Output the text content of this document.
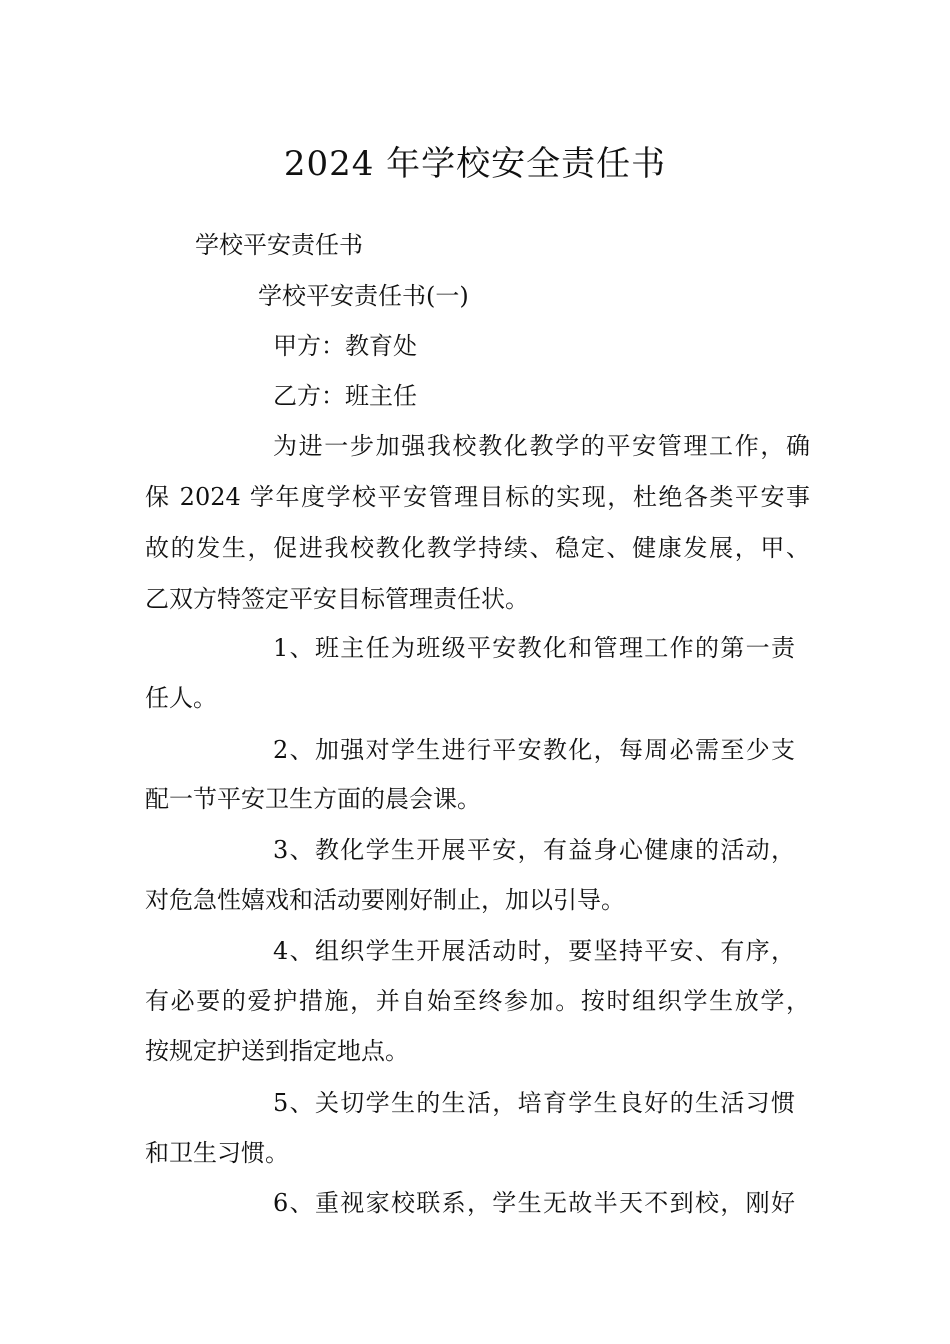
2024 年学校安全责任书
学校平安责任书
学校平安责任书(一)
甲方：教育处
乙方：班主任
为进一步加强我校教化教学的平安管理工作，确
保 2024 学年度学校平安管理目标的实现，杜绝各类平安事
故的发生，促进我校教化教学持续、稳定、健康发展，甲、
乙双方特签定平安目标管理责任状。
1、班主任为班级平安教化和管理工作的第一责
任人。
2、加强对学生进行平安教化，每周必需至少支
配一节平安卫生方面的晨会课。
3、教化学生开展平安，有益身心健康的活动，
对危急性嬉戏和活动要刚好制止，加以引导。
4、组织学生开展活动时，要坚持平安、有序，
有必要的爱护措施，并自始至终参加。按时组织学生放学，
按规定护送到指定地点。
5、关切学生的生活，培育学生良好的生活习惯
和卫生习惯。
6、重视家校联系，学生无故半天不到校，刚好
